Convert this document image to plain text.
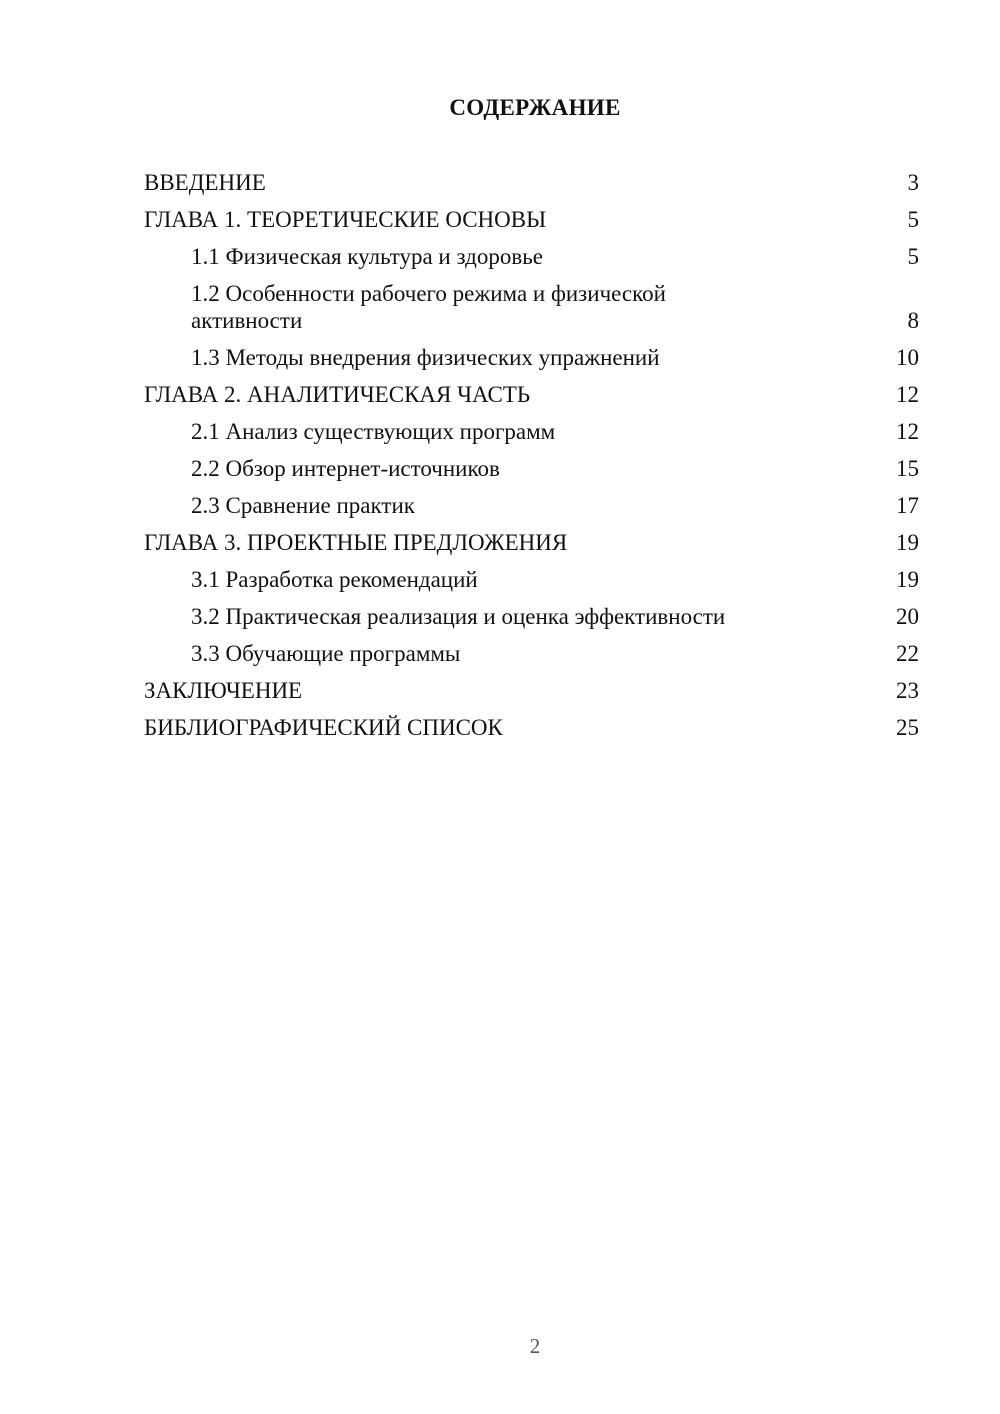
СОДЕРЖАНИЕ
ВВЕДЕНИЕ	3
ГЛАВА 1. ТЕОРЕТИЧЕСКИЕ ОСНОВЫ	5
1.1 Физическая культура и здоровье	5
1.2 Особенности рабочего режима и физической активности	8
1.3 Методы внедрения физических упражнений	10
ГЛАВА 2. АНАЛИТИЧЕСКАЯ ЧАСТЬ	12
2.1 Анализ существующих программ	12
2.2 Обзор интернет-источников	15
2.3 Сравнение практик	17
ГЛАВА 3. ПРОЕКТНЫЕ ПРЕДЛОЖЕНИЯ	19
3.1 Разработка рекомендаций	19
3.2 Практическая реализация и оценка эффективности	20
3.3 Обучающие программы	22
ЗАКЛЮЧЕНИЕ	23
БИБЛИОГРАФИЧЕСКИЙ СПИСОК	25
2
